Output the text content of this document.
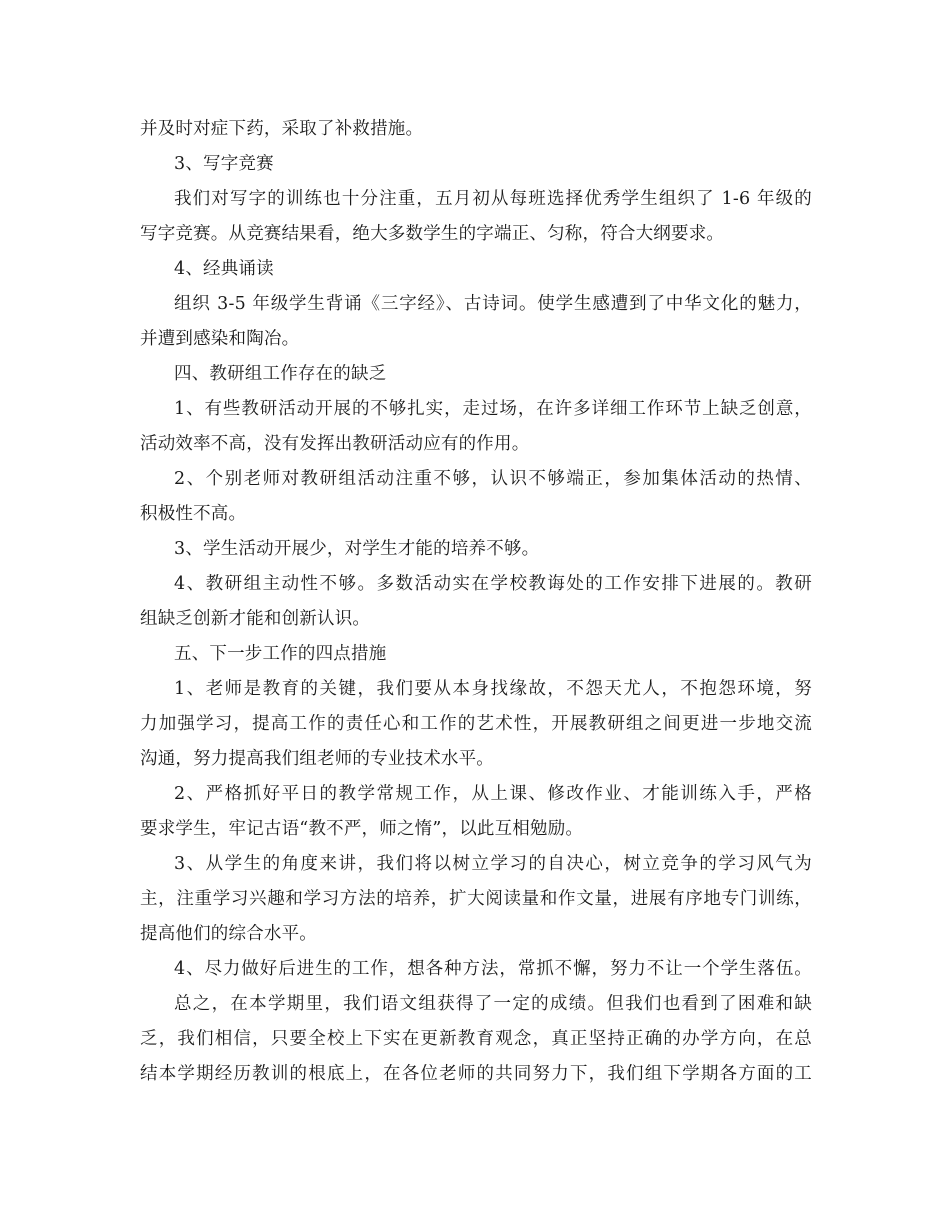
并及时对症下药，采取了补救措施。
3、写字竞赛
我们对写字的训练也十分注重，五月初从每班选择优秀学生组织了 1-6 年级的
写字竞赛。从竞赛结果看，绝大多数学生的字端正、匀称，符合大纲要求。
4、经典诵读
组织 3-5 年级学生背诵《三字经》、古诗词。使学生感遭到了中华文化的魅力，
并遭到感染和陶冶。
四、教研组工作存在的缺乏
1、有些教研活动开展的不够扎实，走过场，在许多详细工作环节上缺乏创意，
活动效率不高，没有发挥出教研活动应有的作用。
2、个别老师对教研组活动注重不够，认识不够端正，参加集体活动的热情、
积极性不高。
3、学生活动开展少，对学生才能的培养不够。
4、教研组主动性不够。多数活动实在学校教诲处的工作安排下进展的。教研
组缺乏创新才能和创新认识。
五、下一步工作的四点措施
1、老师是教育的关键，我们要从本身找缘故，不怨天尤人，不抱怨环境，努
力加强学习，提高工作的责任心和工作的艺术性，开展教研组之间更进一步地交流
沟通，努力提高我们组老师的专业技术水平。
2、严格抓好平日的教学常规工作，从上课、修改作业、才能训练入手，严格
要求学生，牢记古语“教不严，师之惰”，以此互相勉励。
3、从学生的角度来讲，我们将以树立学习的自决心，树立竞争的学习风气为
主，注重学习兴趣和学习方法的培养，扩大阅读量和作文量，进展有序地专门训练，
提高他们的综合水平。
4、尽力做好后进生的工作，想各种方法，常抓不懈，努力不让一个学生落伍。
总之，在本学期里，我们语文组获得了一定的成绩。但我们也看到了困难和缺
乏，我们相信，只要全校上下实在更新教育观念，真正坚持正确的办学方向，在总
结本学期经历教训的根底上，在各位老师的共同努力下，我们组下学期各方面的工
